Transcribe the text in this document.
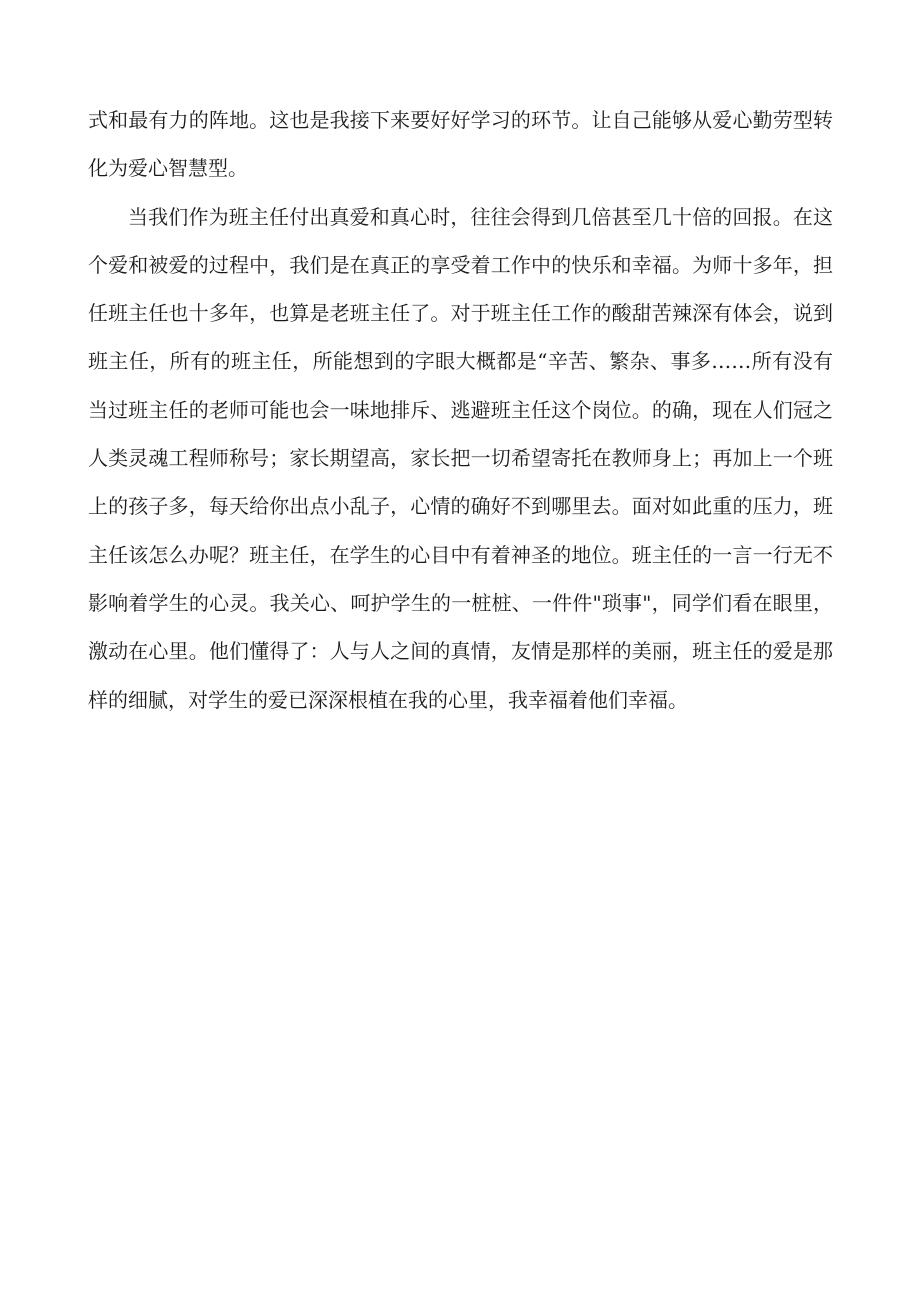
式和最有力的阵地。这也是我接下来要好好学习的环节。让自己能够从爱心勤劳型转化为爱心智慧型。

当我们作为班主任付出真爱和真心时，往往会得到几倍甚至几十倍的回报。在这个爱和被爱的过程中，我们是在真正的享受着工作中的快乐和幸福。为师十多年，担任班主任也十多年，也算是老班主任了。对于班主任工作的酸甜苦辣深有体会，说到班主任，所有的班主任，所能想到的字眼大概都是“辛苦、繁杂、事多……所有没有当过班主任的老师可能也会一味地排斥、逃避班主任这个岗位。的确，现在人们冠之人类灵魂工程师称号；家长期望高，家长把一切希望寄托在教师身上；再加上一个班上的孩子多，每天给你出点小乱子，心情的确好不到哪里去。面对如此重的压力，班主任该怎么办呢？班主任，在学生的心目中有着神圣的地位。班主任的一言一行无不影响着学生的心灵。我关心、呵护学生的一桩桩、一件件"琐事"，同学们看在眼里，激动在心里。他们懂得了：人与人之间的真情，友情是那样的美丽，班主任的爱是那样的细腻，对学生的爱已深深根植在我的心里，我幸福着他们幸福。
